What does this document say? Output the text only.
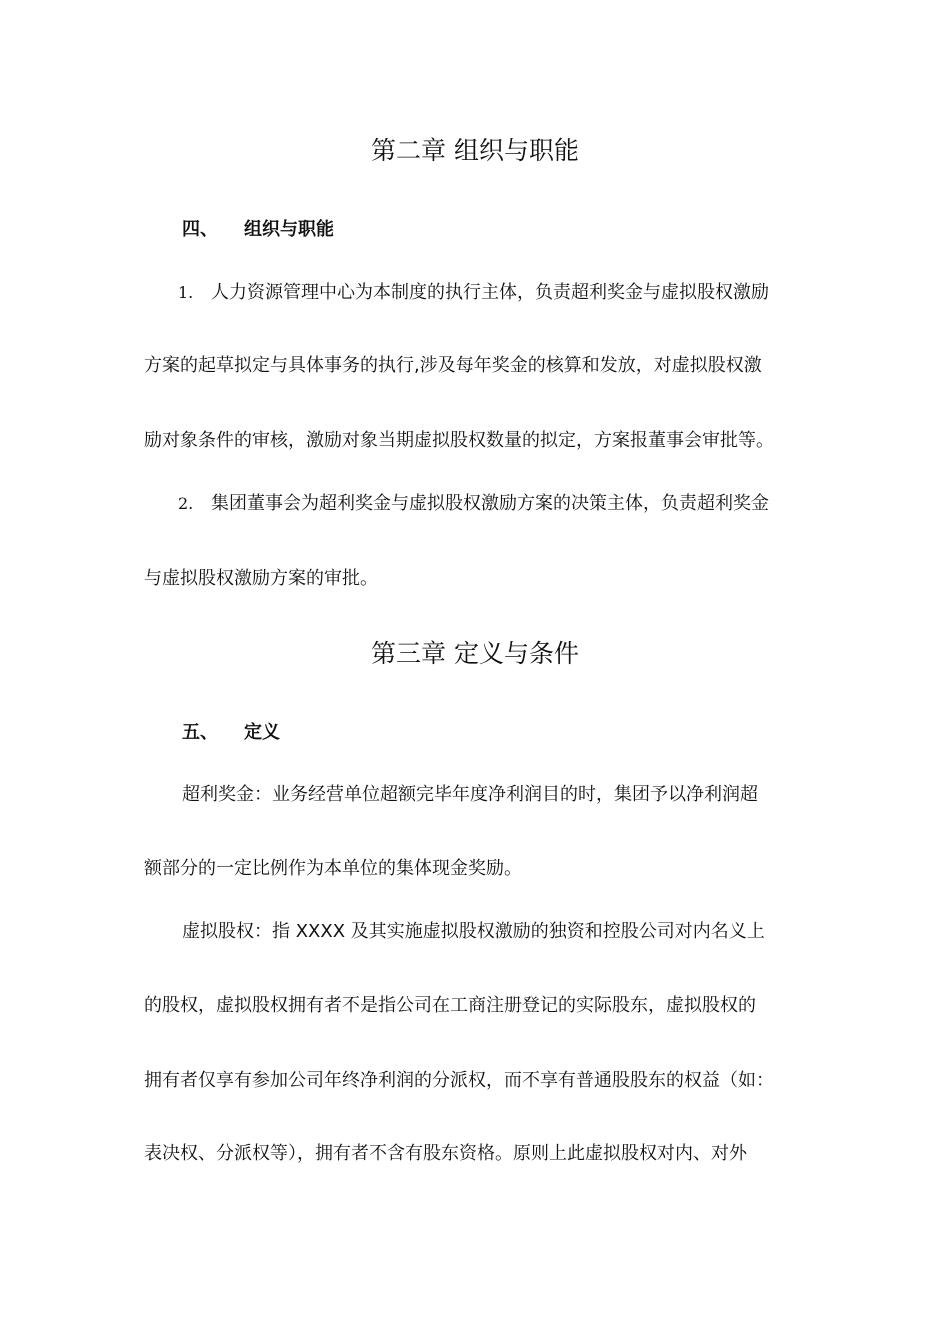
第二章 组织与职能
四、 组织与职能

1. 人力资源管理中心为本制度的执行主体，负责超利奖金与虚拟股权激励

方案的起草拟定与具体事务的执行,涉及每年奖金的核算和发放，对虚拟股权激

励对象条件的审核，激励对象当期虚拟股权数量的拟定，方案报董事会审批等。

2. 集团董事会为超利奖金与虚拟股权激励方案的决策主体，负责超利奖金

与虚拟股权激励方案的审批。

第三章 定义与条件
五、 定义

超利奖金：业务经营单位超额完毕年度净利润目的时，集团予以净利润超

额部分的一定比例作为本单位的集体现金奖励。

虚拟股权：指 XXXX 及其实施虚拟股权激励的独资和控股公司对内名义上

的股权，虚拟股权拥有者不是指公司在工商注册登记的实际股东，虚拟股权的

拥有者仅享有参加公司年终净利润的分派权，而不享有普通股股东的权益（如：

表决权、分派权等），拥有者不含有股东资格。原则上此虚拟股权对内、对外
